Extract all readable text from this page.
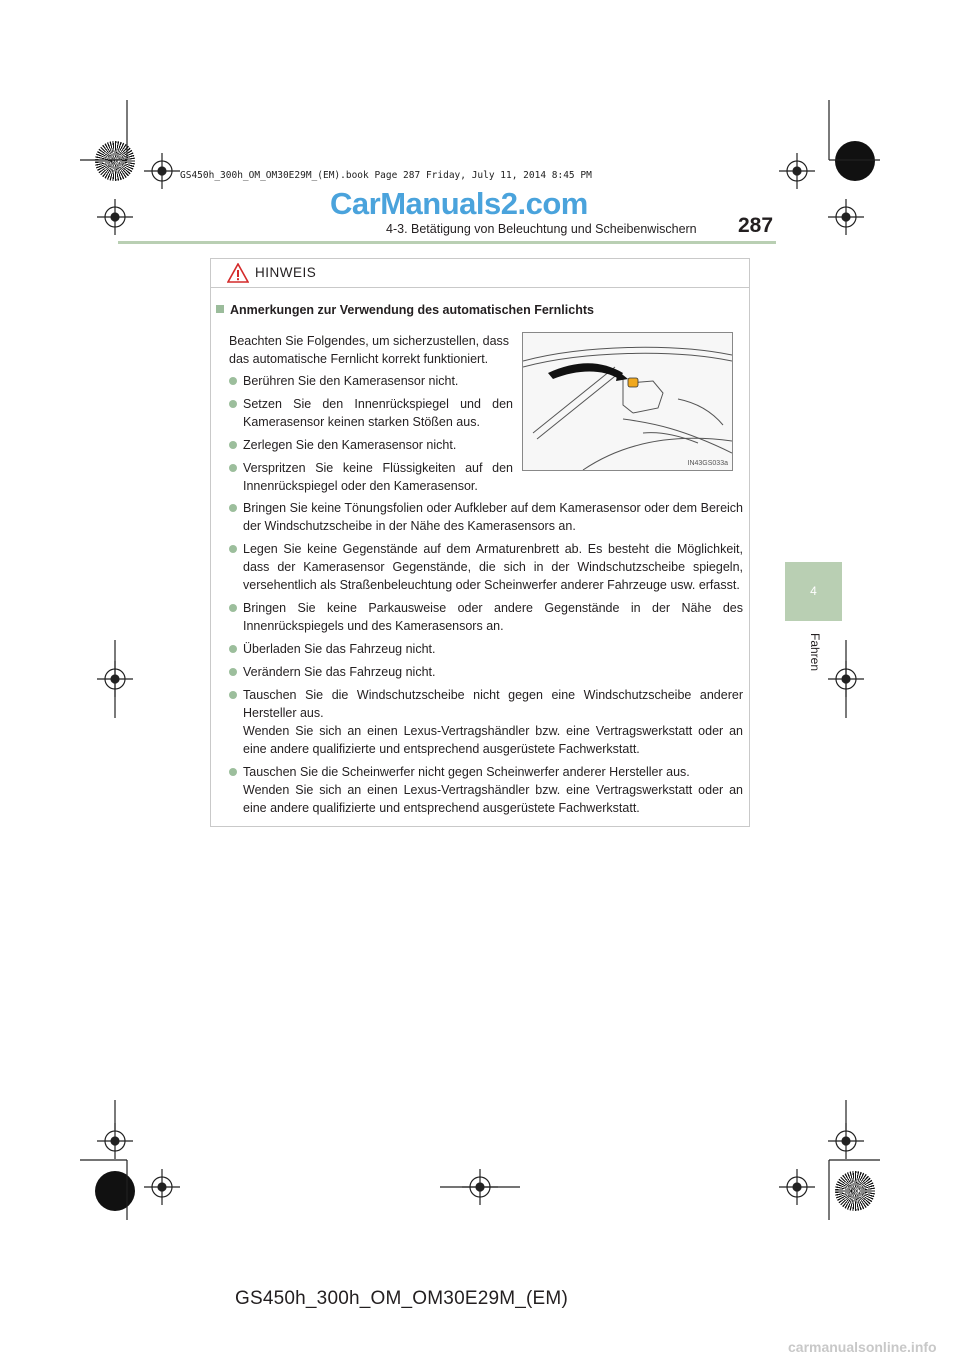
GS450h_300h_OM_OM30E29M_(EM).book Page 287 Friday, July 11, 2014 8:45 PM
CarManuals2.com
4-3. Betätigung von Beleuchtung und Scheibenwischern 287
4
Fahren
HINWEIS
Anmerkungen zur Verwendung des automatischen Fernlichts
Beachten Sie Folgendes, um sicherzustellen, dass das automatische Fernlicht korrekt funktioniert.
Berühren Sie den Kamerasensor nicht.
Setzen Sie den Innenrückspiegel und den Kamerasensor keinen starken Stößen aus.
Zerlegen Sie den Kamerasensor nicht.
Verspritzen Sie keine Flüssigkeiten auf den Innenrückspiegel oder den Kamerasensor.
IN43GS033a
Bringen Sie keine Tönungsfolien oder Aufkleber auf dem Kamerasensor oder dem Bereich der Windschutzscheibe in der Nähe des Kamerasensors an.
Legen Sie keine Gegenstände auf dem Armaturenbrett ab. Es besteht die Möglichkeit, dass der Kamerasensor Gegenstände, die sich in der Windschutzscheibe spiegeln, versehentlich als Straßenbeleuchtung oder Scheinwerfer anderer Fahrzeuge usw. erfasst.
Bringen Sie keine Parkausweise oder andere Gegenstände in der Nähe des Innenrückspiegels und des Kamerasensors an.
Überladen Sie das Fahrzeug nicht.
Verändern Sie das Fahrzeug nicht.
Tauschen Sie die Windschutzscheibe nicht gegen eine Windschutzscheibe anderer Hersteller aus.
Wenden Sie sich an einen Lexus-Vertragshändler bzw. eine Vertragswerkstatt oder an eine andere qualifizierte und entsprechend ausgerüstete Fachwerkstatt.
Tauschen Sie die Scheinwerfer nicht gegen Scheinwerfer anderer Hersteller aus.
Wenden Sie sich an einen Lexus-Vertragshändler bzw. eine Vertragswerkstatt oder an eine andere qualifizierte und entsprechend ausgerüstete Fachwerkstatt.
GS450h_300h_OM_OM30E29M_(EM)
carmanualsonline.info
